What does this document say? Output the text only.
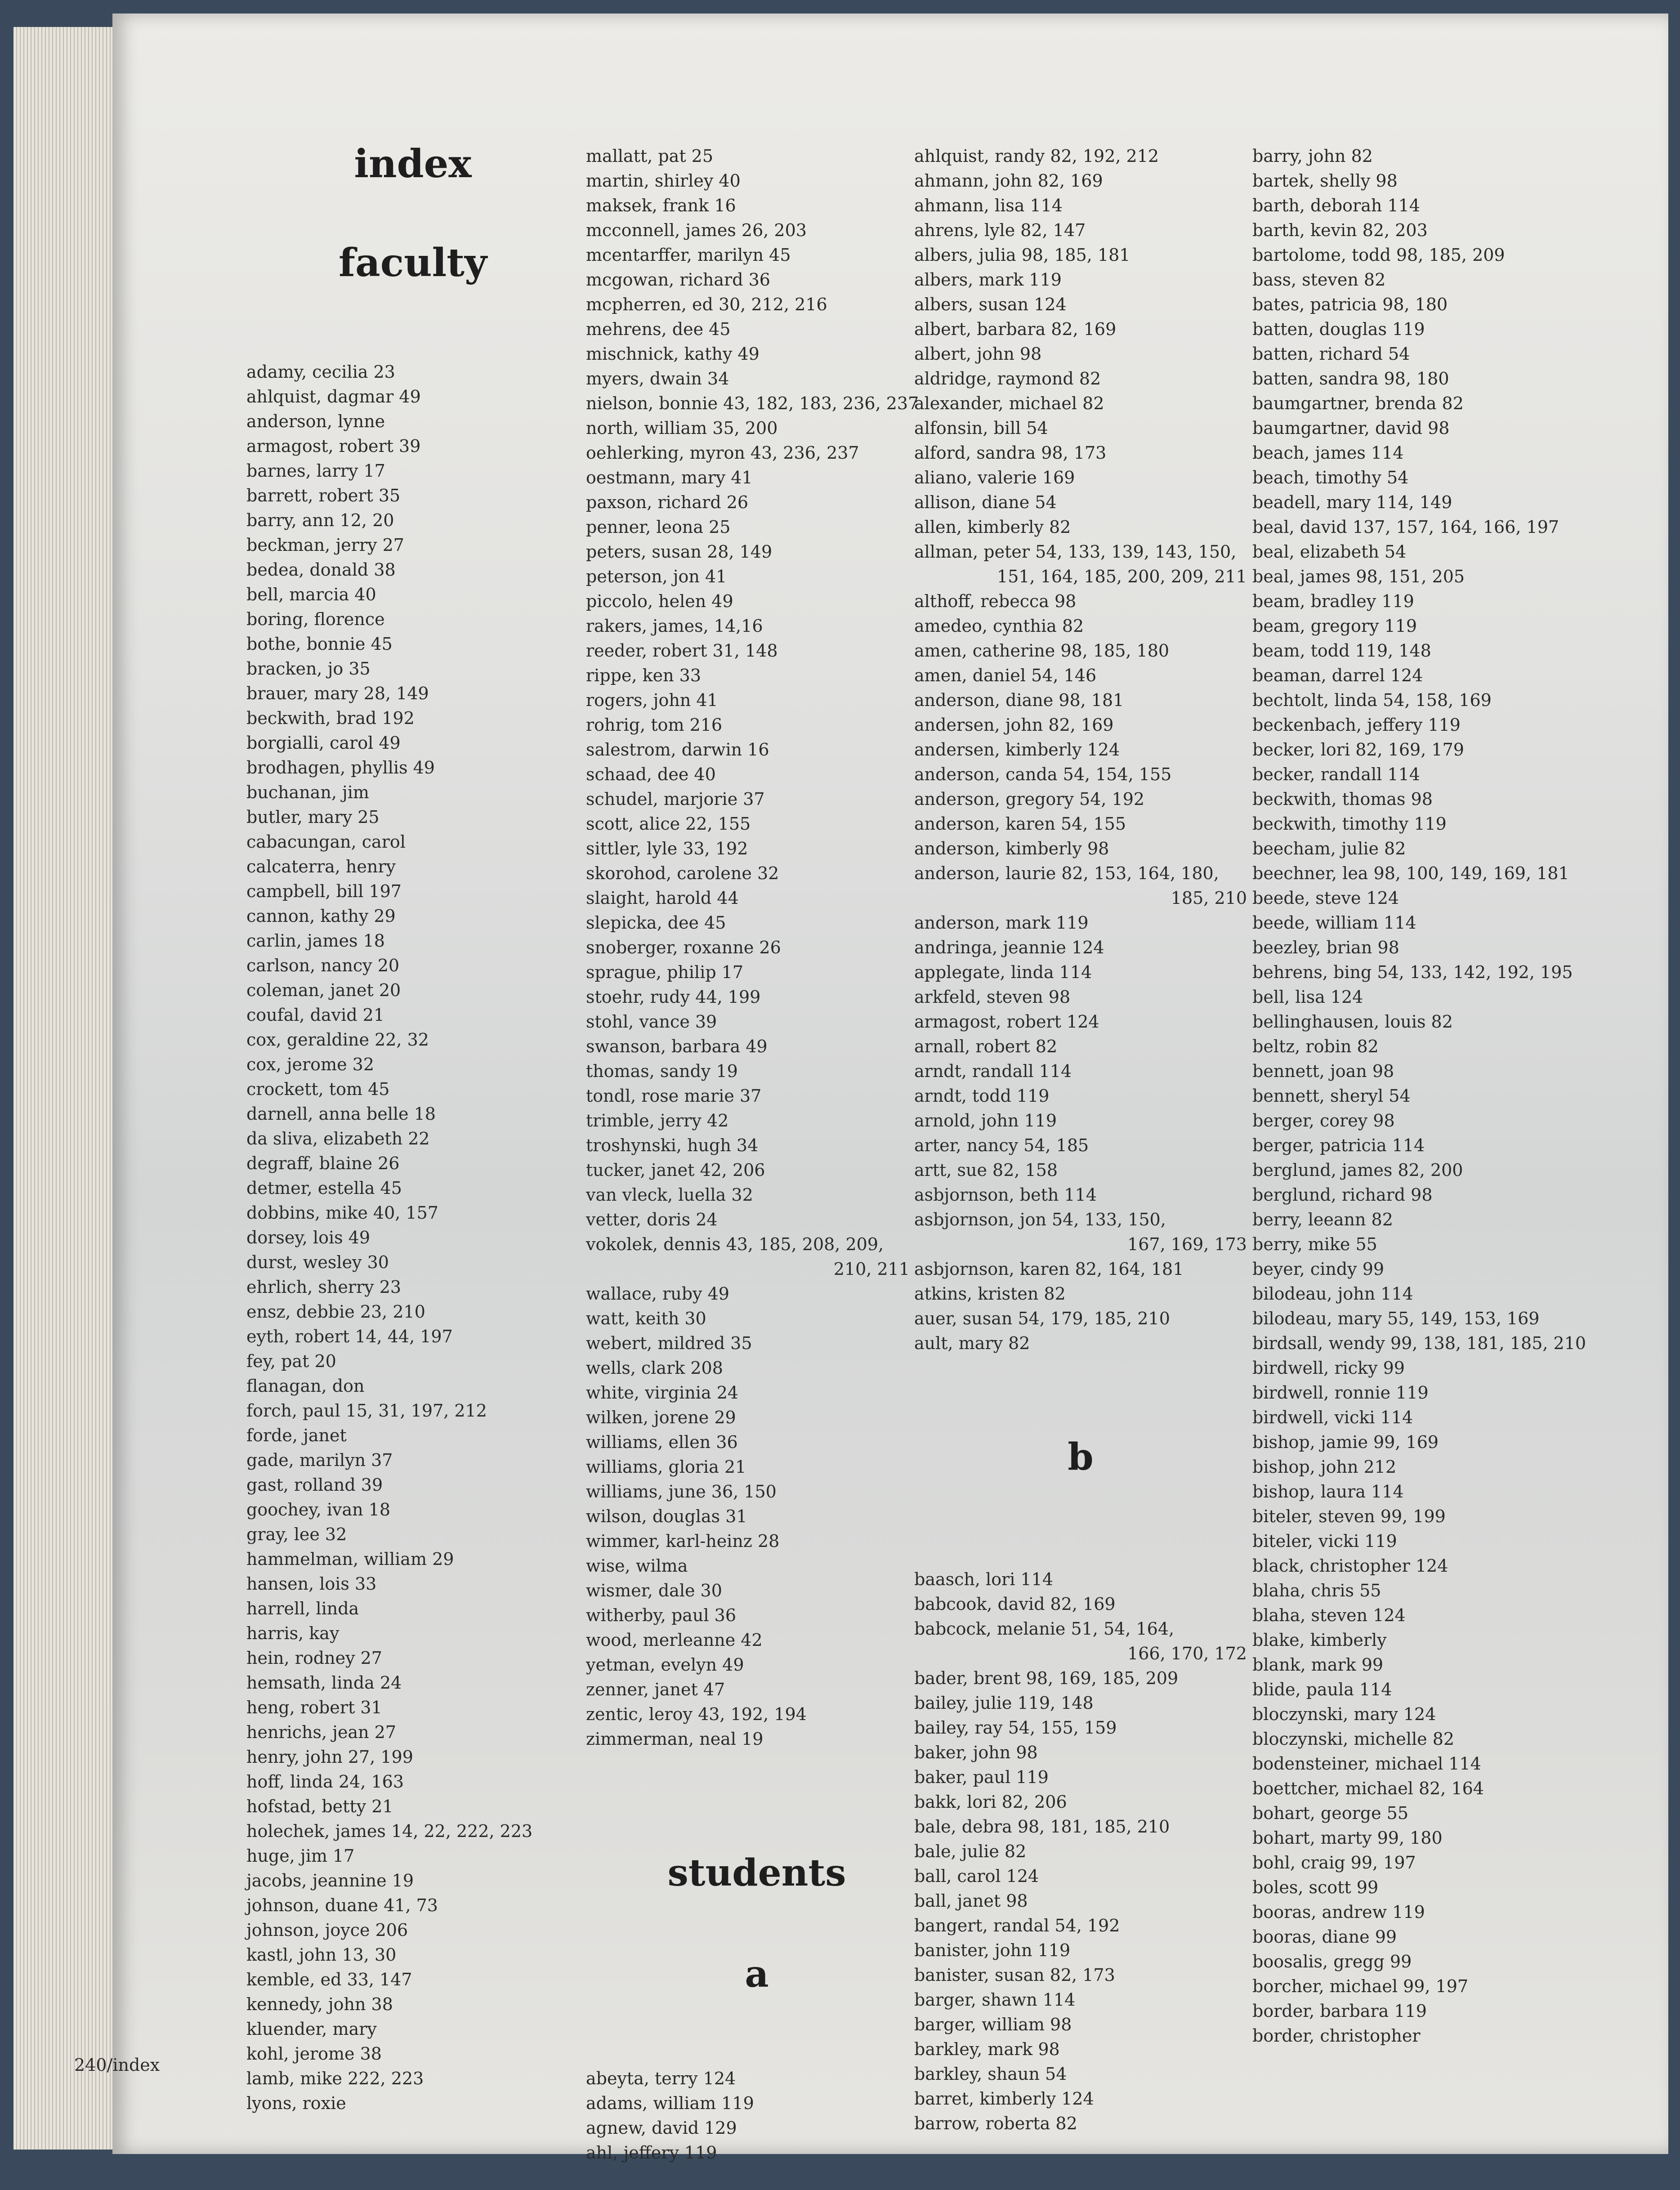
index

faculty

adamy, cecilia 23
ahlquist, dagmar 49
anderson, lynne
armagost, robert 39
barnes, larry 17
barrett, robert 35
barry, ann 12, 20
beckman, jerry 27
bedea, donald 38
bell, marcia 40
boring, florence
bothe, bonnie 45
bracken, jo 35
brauer, mary 28, 149
beckwith, brad 192
borgialli, carol 49
brodhagen, phyllis 49
buchanan, jim
butler, mary 25
cabacungan, carol
calcaterra, henry
campbell, bill 197
cannon, kathy 29
carlin, james 18
carlson, nancy 20
coleman, janet 20
coufal, david 21
cox, geraldine 22, 32
cox, jerome 32
crockett, tom 45
darnell, anna belle 18
da sliva, elizabeth 22
degraff, blaine 26
detmer, estella 45
dobbins, mike 40, 157
dorsey, lois 49
durst, wesley 30
ehrlich, sherry 23
ensz, debbie 23, 210
eyth, robert 14, 44, 197
fey, pat 20
flanagan, don
forch, paul 15, 31, 197, 212
forde, janet
gade, marilyn 37
gast, rolland 39
goochey, ivan 18
gray, lee 32
hammelman, william 29
hansen, lois 33
harrell, linda
harris, kay
hein, rodney 27
hemsath, linda 24
heng, robert 31
henrichs, jean 27
henry, john 27, 199
hoff, linda 24, 163
hofstad, betty 21
holechek, james 14, 22, 222, 223
huge, jim 17
jacobs, jeannine 19
johnson, duane 41, 73
johnson, joyce 206
kastl, john 13, 30
kemble, ed 33, 147
kennedy, john 38
kluender, mary
kohl, jerome 38
lamb, mike 222, 223
lyons, roxie

mallatt, pat 25
martin, shirley 40
maksek, frank 16
mcconnell, james 26, 203
mcentarffer, marilyn 45
mcgowan, richard 36
mcpherren, ed 30, 212, 216
mehrens, dee 45
mischnick, kathy 49
myers, dwain 34
nielson, bonnie 43, 182, 183, 236, 237
north, william 35, 200
oehlerking, myron 43, 236, 237
oestmann, mary 41
paxson, richard 26
penner, leona 25
peters, susan 28, 149
peterson, jon 41
piccolo, helen 49
rakers, james, 14,16
reeder, robert 31, 148
rippe, ken 33
rogers, john 41
rohrig, tom 216
salestrom, darwin 16
schaad, dee 40
schudel, marjorie 37
scott, alice 22, 155
sittler, lyle 33, 192
skorohod, carolene 32
slaight, harold 44
slepicka, dee 45
snoberger, roxanne 26
sprague, philip 17
stoehr, rudy 44, 199
stohl, vance 39
swanson, barbara 49
thomas, sandy 19
tondl, rose marie 37
trimble, jerry 42
troshynski, hugh 34
tucker, janet 42, 206
van vleck, luella 32
vetter, doris 24
vokolek, dennis 43, 185, 208, 209,
210, 211
wallace, ruby 49
watt, keith 30
webert, mildred 35
wells, clark 208
white, virginia 24
wilken, jorene 29
williams, ellen 36
williams, gloria 21
williams, june 36, 150
wilson, douglas 31
wimmer, karl-heinz 28
wise, wilma
wismer, dale 30
witherby, paul 36
wood, merleanne 42
yetman, evelyn 49
zenner, janet 47
zentic, leroy 43, 192, 194
zimmerman, neal 19

students

a

abeyta, terry 124
adams, william 119
agnew, david 129
ahl, jeffery 119

ahlquist, randy 82, 192, 212
ahmann, john 82, 169
ahmann, lisa 114
ahrens, lyle 82, 147
albers, julia 98, 185, 181
albers, mark 119
albers, susan 124
albert, barbara 82, 169
albert, john 98
aldridge, raymond 82
alexander, michael 82
alfonsin, bill 54
alford, sandra 98, 173
aliano, valerie 169
allison, diane 54
allen, kimberly 82
allman, peter 54, 133, 139, 143, 150,
151, 164, 185, 200, 209, 211
althoff, rebecca 98
amedeo, cynthia 82
amen, catherine 98, 185, 180
amen, daniel 54, 146
anderson, diane 98, 181
andersen, john 82, 169
andersen, kimberly 124
anderson, canda 54, 154, 155
anderson, gregory 54, 192
anderson, karen 54, 155
anderson, kimberly 98
anderson, laurie 82, 153, 164, 180,
185, 210
anderson, mark 119
andringa, jeannie 124
applegate, linda 114
arkfeld, steven 98
armagost, robert 124
arnall, robert 82
arndt, randall 114
arndt, todd 119
arnold, john 119
arter, nancy 54, 185
artt, sue 82, 158
asbjornson, beth 114
asbjornson, jon 54, 133, 150,
167, 169, 173
asbjornson, karen 82, 164, 181
atkins, kristen 82
auer, susan 54, 179, 185, 210
ault, mary 82

b

baasch, lori 114
babcook, david 82, 169
babcock, melanie 51, 54, 164,
166, 170, 172
bader, brent 98, 169, 185, 209
bailey, julie 119, 148
bailey, ray 54, 155, 159
baker, john 98
baker, paul 119
bakk, lori 82, 206
bale, debra 98, 181, 185, 210
bale, julie 82
ball, carol 124
ball, janet 98
bangert, randal 54, 192
banister, john 119
banister, susan 82, 173
barger, shawn 114
barger, william 98
barkley, mark 98
barkley, shaun 54
barret, kimberly 124
barrow, roberta 82

barry, john 82
bartek, shelly 98
barth, deborah 114
barth, kevin 82, 203
bartolome, todd 98, 185, 209
bass, steven 82
bates, patricia 98, 180
batten, douglas 119
batten, richard 54
batten, sandra 98, 180
baumgartner, brenda 82
baumgartner, david 98
beach, james 114
beach, timothy 54
beadell, mary 114, 149
beal, david 137, 157, 164, 166, 197
beal, elizabeth 54
beal, james 98, 151, 205
beam, bradley 119
beam, gregory 119
beam, todd 119, 148
beaman, darrel 124
bechtolt, linda 54, 158, 169
beckenbach, jeffery 119
becker, lori 82, 169, 179
becker, randall 114
beckwith, thomas 98
beckwith, timothy 119
beecham, julie 82
beechner, lea 98, 100, 149, 169, 181
beede, steve 124
beede, william 114
beezley, brian 98
behrens, bing 54, 133, 142, 192, 195
bell, lisa 124
bellinghausen, louis 82
beltz, robin 82
bennett, joan 98
bennett, sheryl 54
berger, corey 98
berger, patricia 114
berglund, james 82, 200
berglund, richard 98
berry, leeann 82
berry, mike 55
beyer, cindy 99
bilodeau, john 114
bilodeau, mary 55, 149, 153, 169
birdsall, wendy 99, 138, 181, 185, 210
birdwell, ricky 99
birdwell, ronnie 119
birdwell, vicki 114
bishop, jamie 99, 169
bishop, john 212
bishop, laura 114
biteler, steven 99, 199
biteler, vicki 119
black, christopher 124
blaha, chris 55
blaha, steven 124
blake, kimberly
blank, mark 99
blide, paula 114
bloczynski, mary 124
bloczynski, michelle 82
bodensteiner, michael 114
boettcher, michael 82, 164
bohart, george 55
bohart, marty 99, 180
bohl, craig 99, 197
boles, scott 99
booras, andrew 119
booras, diane 99
boosalis, gregg 99
borcher, michael 99, 197
border, barbara 119
border, christopher

240/index
